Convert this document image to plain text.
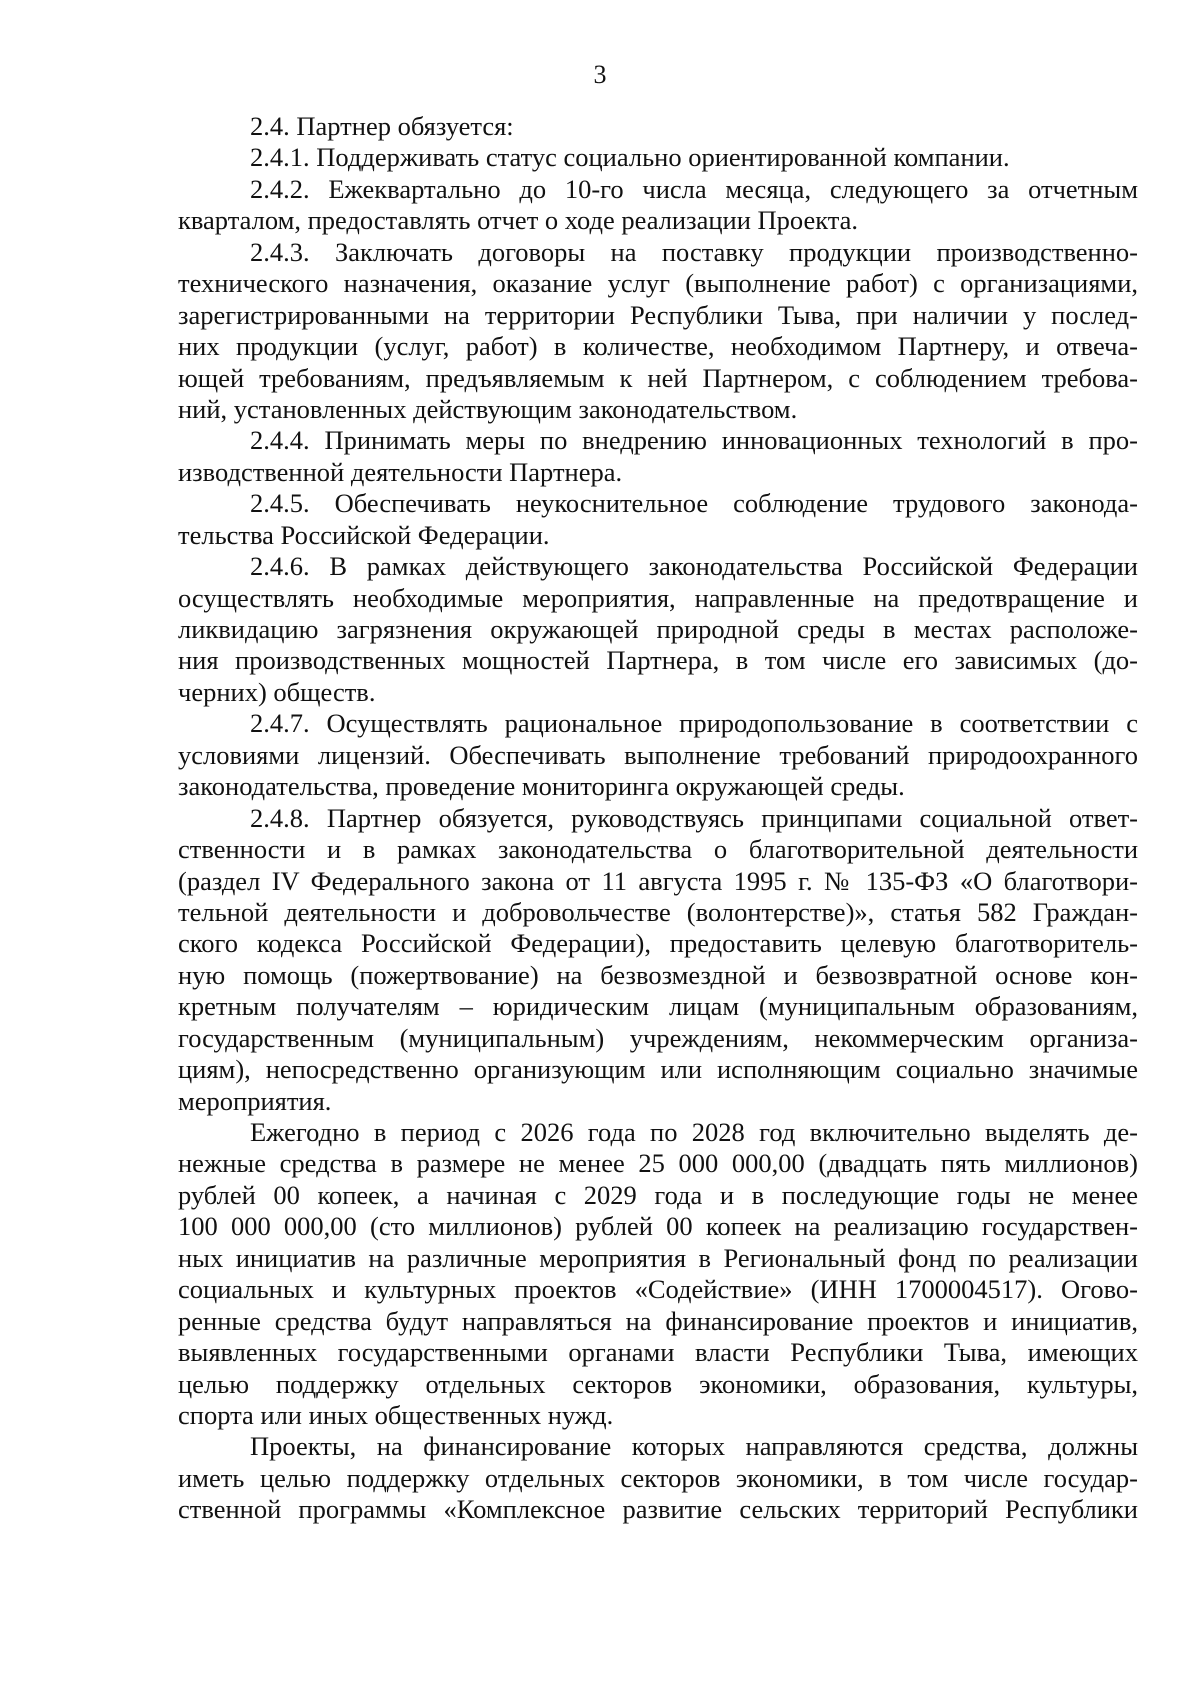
3
2.4. Партнер обязуется:
2.4.1. Поддерживать статус социально ориентированной компании.
2.4.2. Ежеквартально до 10-го числа месяца, следующего за отчетным
кварталом, предоставлять отчет о ходе реализации Проекта.
2.4.3. Заключать договоры на поставку продукции производственно-
технического назначения, оказание услуг (выполнение работ) с организациями,
зарегистрированными на территории Республики Тыва, при наличии у послед-
них продукции (услуг, работ) в количестве, необходимом Партнеру, и отвеча-
ющей требованиям, предъявляемым к ней Партнером, с соблюдением требова-
ний, установленных действующим законодательством.
2.4.4. Принимать меры по внедрению инновационных технологий в про-
изводственной деятельности Партнера.
2.4.5. Обеспечивать неукоснительное соблюдение трудового законода-
тельства Российской Федерации.
2.4.6. В рамках действующего законодательства Российской Федерации
осуществлять необходимые мероприятия, направленные на предотвращение и
ликвидацию загрязнения окружающей природной среды в местах расположе-
ния производственных мощностей Партнера, в том числе его зависимых (до-
черних) обществ.
2.4.7. Осуществлять рациональное природопользование в соответствии с
условиями лицензий. Обеспечивать выполнение требований природоохранного
законодательства, проведение мониторинга окружающей среды.
2.4.8. Партнер обязуется, руководствуясь принципами социальной ответ-
ственности и в рамках законодательства о благотворительной деятельности
(раздел IV Федерального закона от 11 августа 1995 г. № 135-ФЗ «О благотвори-
тельной деятельности и добровольчестве (волонтерстве)», статья 582 Граждан-
ского кодекса Российской Федерации), предоставить целевую благотворитель-
ную помощь (пожертвование) на безвозмездной и безвозвратной основе кон-
кретным получателям – юридическим лицам (муниципальным образованиям,
государственным (муниципальным) учреждениям, некоммерческим организа-
циям), непосредственно организующим или исполняющим социально значимые
мероприятия.
Ежегодно в период с 2026 года по 2028 год включительно выделять де-
нежные средства в размере не менее 25 000 000,00 (двадцать пять миллионов)
рублей 00 копеек, а начиная с 2029 года и в последующие годы не менее
100 000 000,00 (сто миллионов) рублей 00 копеек на реализацию государствен-
ных инициатив на различные мероприятия в Региональный фонд по реализации
социальных и культурных проектов «Содействие» (ИНН 1700004517). Огово-
ренные средства будут направляться на финансирование проектов и инициатив,
выявленных государственными органами власти Республики Тыва, имеющих
целью поддержку отдельных секторов экономики, образования, культуры,
спорта или иных общественных нужд.
Проекты, на финансирование которых направляются средства, должны
иметь целью поддержку отдельных секторов экономики, в том числе государ-
ственной программы «Комплексное развитие сельских территорий Республики
